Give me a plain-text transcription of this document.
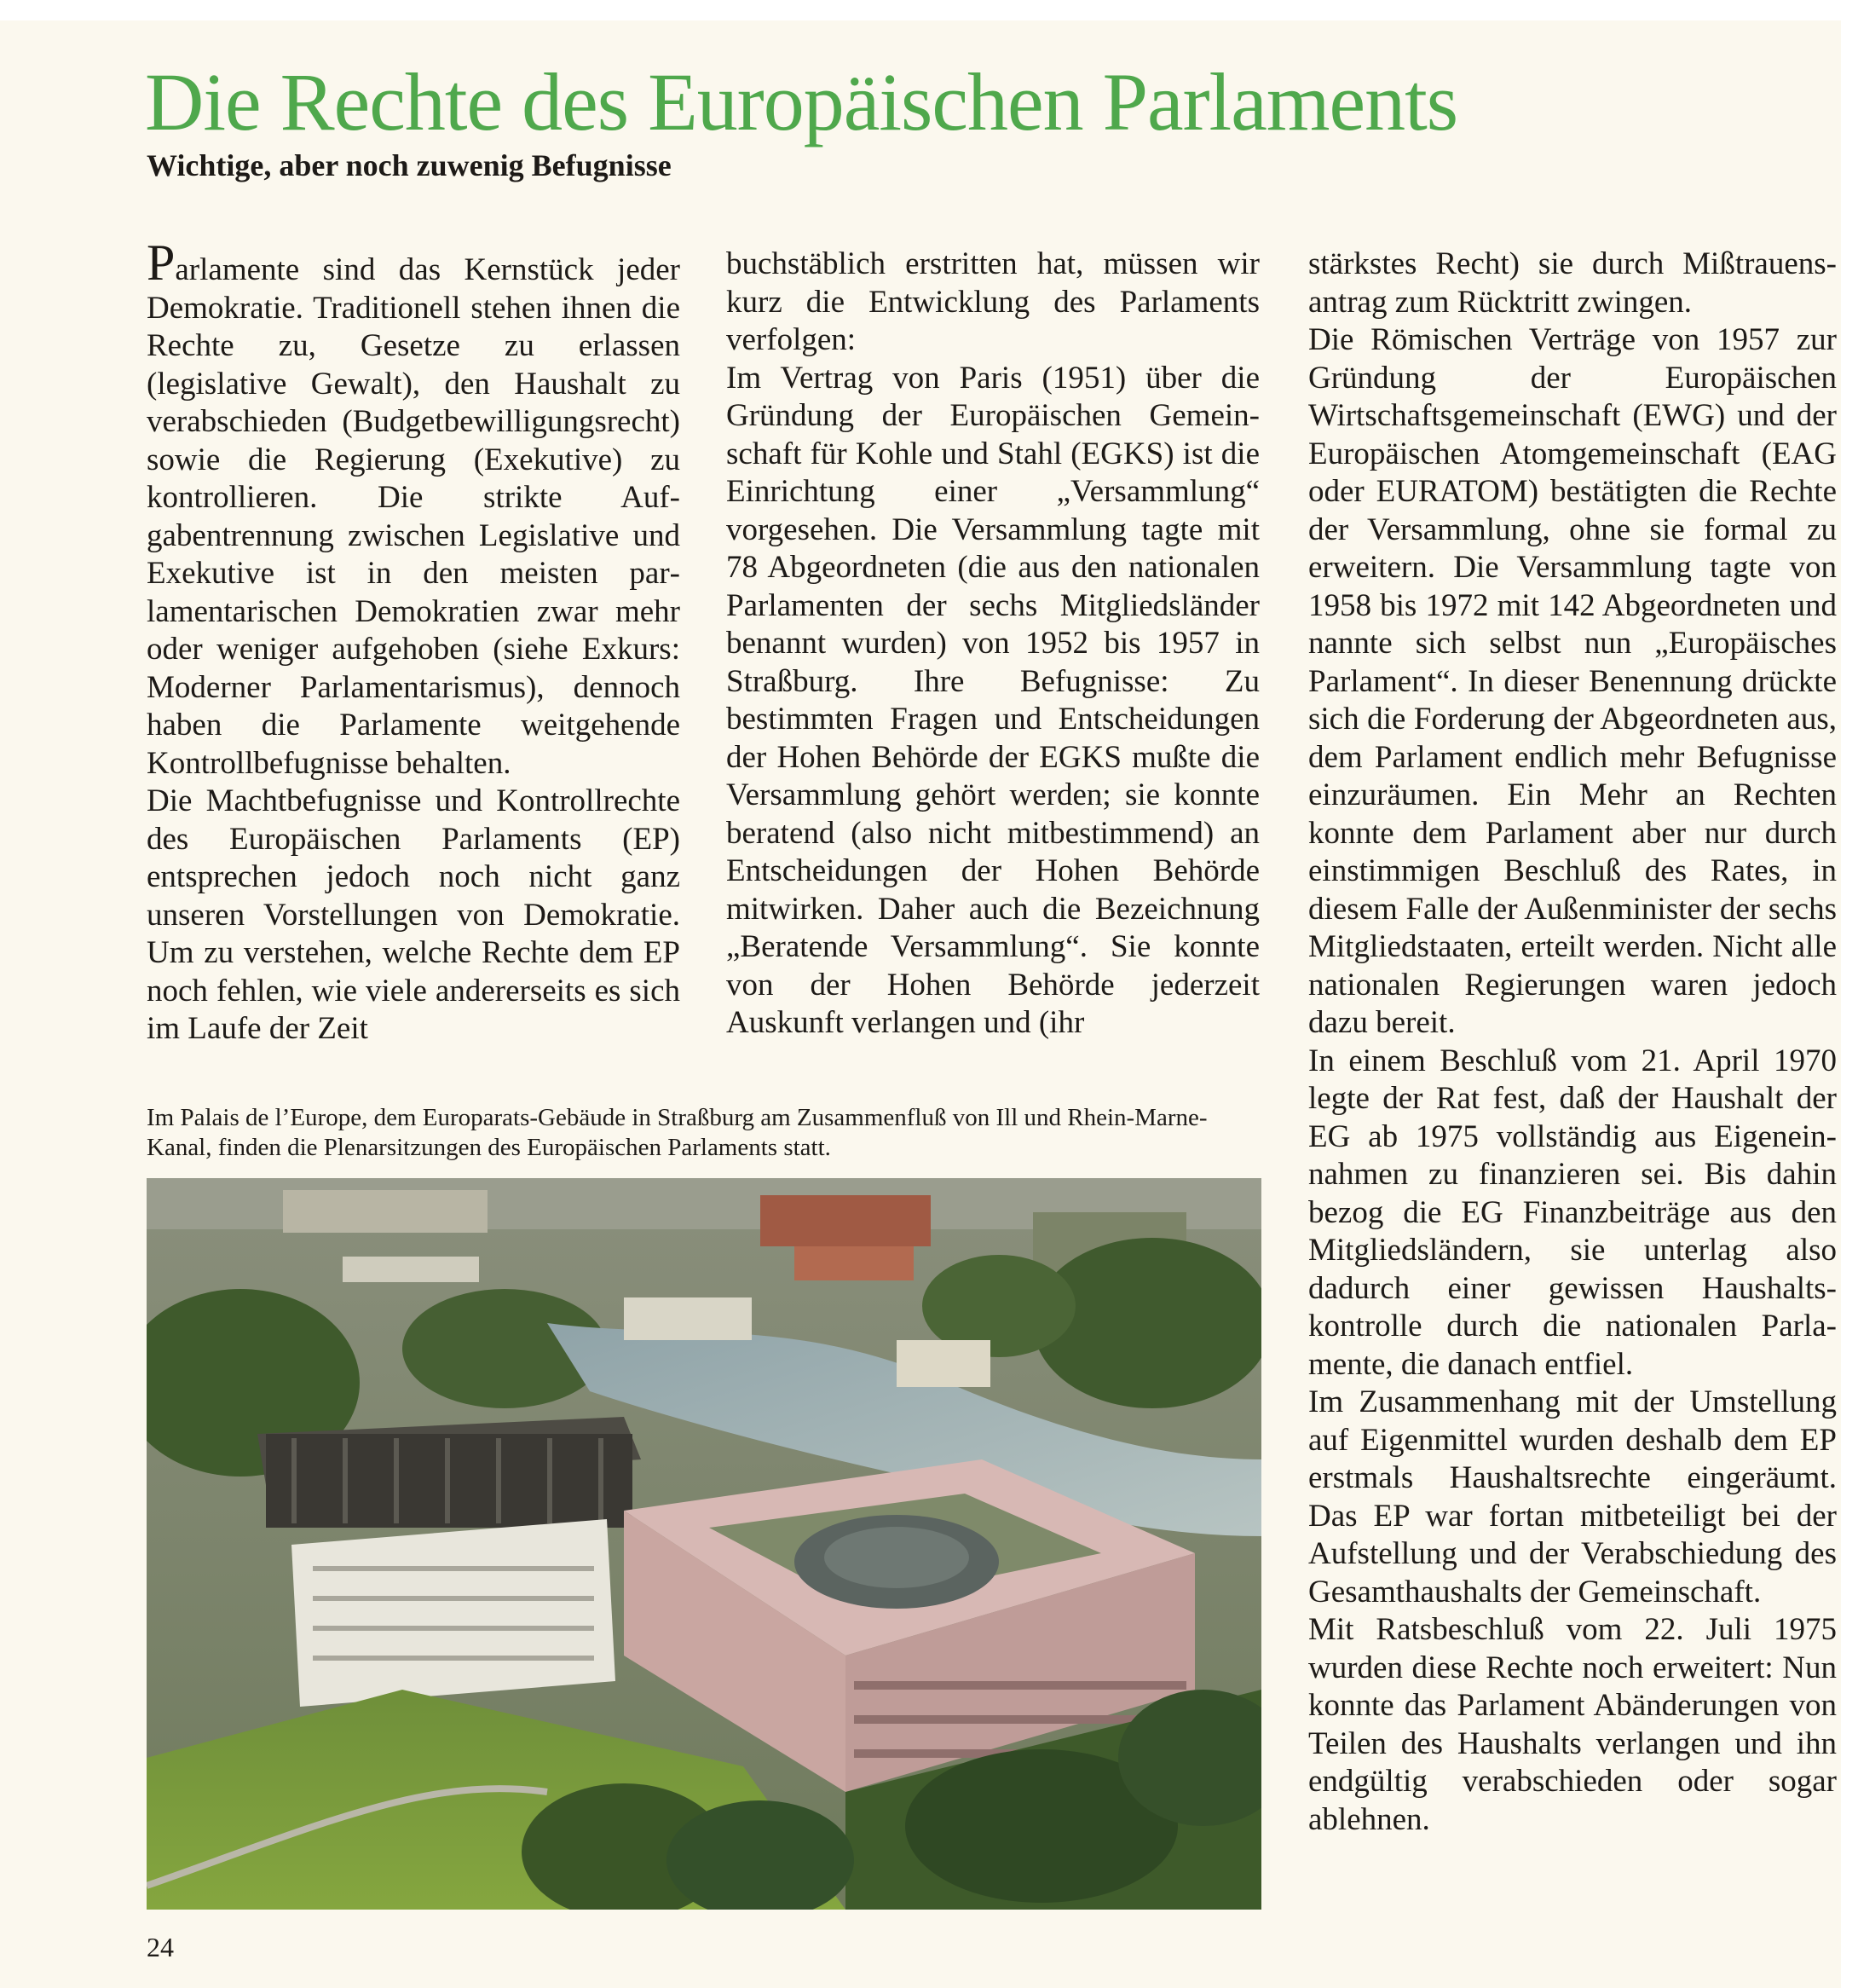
Die Rechte des Europäischen Parlaments
Wichtige, aber noch zuwenig Befugnisse

Parlamente sind das Kernstück jeder Demokratie. Traditionell stehen ihnen die Rechte zu, Gesetze zu erlassen (legislative Gewalt), den Haushalt zu verabschieden (Budgetbewilligungsrecht) sowie die Regierung (Exekutive) zu kontrollieren. Die strikte Aufgabentrennung zwischen Legislative und Exekutive ist in den meisten parlamentarischen Demokratien zwar mehr oder weniger aufgehoben (siehe Exkurs: Moderner Parlamentarismus), dennoch haben die Parlamente weitgehende Kontrollbefugnisse behalten.

Die Machtbefugnisse und Kontrollrechte des Europäischen Parlaments (EP) entsprechen jedoch noch nicht ganz unseren Vorstellungen von Demokratie. Um zu verstehen, welche Rechte dem EP noch fehlen, wie viele andererseits es sich im Laufe der Zeit

buchstäblich erstritten hat, müssen wir kurz die Entwicklung des Parlaments verfolgen:

Im Vertrag von Paris (1951) über die Gründung der Europäischen Gemeinschaft für Kohle und Stahl (EGKS) ist die Einrichtung einer „Versammlung“ vorgesehen. Die Versammlung tagte mit 78 Abgeordneten (die aus den nationalen Parlamenten der sechs Mitgliedsländer benannt wurden) von 1952 bis 1957 in Straßburg. Ihre Befugnisse: Zu bestimmten Fragen und Entscheidungen der Hohen Behörde der EGKS mußte die Versammlung gehört werden; sie konnte beratend (also nicht mitbestimmend) an Entscheidungen der Hohen Behörde mitwirken. Daher auch die Bezeichnung „Beratende Versammlung“. Sie konnte von der Hohen Behörde jederzeit Auskunft verlangen und (ihr

stärkstes Recht) sie durch Mißtrauensantrag zum Rücktritt zwingen.

Die Römischen Verträge von 1957 zur Gründung der Europäischen Wirtschaftsgemeinschaft (EWG) und der Europäischen Atomgemeinschaft (EAG oder EURATOM) bestätigten die Rechte der Versammlung, ohne sie formal zu erweitern. Die Versammlung tagte von 1958 bis 1972 mit 142 Abgeordneten und nannte sich selbst nun „Europäisches Parlament“. In dieser Benennung drückte sich die Forderung der Abgeordneten aus, dem Parlament endlich mehr Befugnisse einzuräumen. Ein Mehr an Rechten konnte dem Parlament aber nur durch einstimmigen Beschluß des Rates, in diesem Falle der Außenminister der sechs Mitgliedstaaten, erteilt werden. Nicht alle nationalen Regierungen waren jedoch dazu bereit.

In einem Beschluß vom 21. April 1970 legte der Rat fest, daß der Haushalt der EG ab 1975 vollständig aus Eigeneinnahmen zu finanzieren sei. Bis dahin bezog die EG Finanzbeiträge aus den Mitgliedsländern, sie unterlag also dadurch einer gewissen Haushaltskontrolle durch die nationalen Parlamente, die danach entfiel.

Im Zusammenhang mit der Umstellung auf Eigenmittel wurden deshalb dem EP erstmals Haushaltsrechte eingeräumt. Das EP war fortan mitbeteiligt bei der Aufstellung und der Verabschiedung des Gesamthaushalts der Gemeinschaft.

Mit Ratsbeschluß vom 22. Juli 1975 wurden diese Rechte noch erweitert: Nun konnte das Parlament Abänderungen von Teilen des Haushalts verlangen und ihn endgültig verabschieden oder sogar ablehnen.

Im Palais de l’Europe, dem Europarats-Gebäude in Straßburg am Zusammenfluß von Ill und Rhein-Marne-Kanal, finden die Plenarsitzungen des Europäischen Parlaments statt.
24
